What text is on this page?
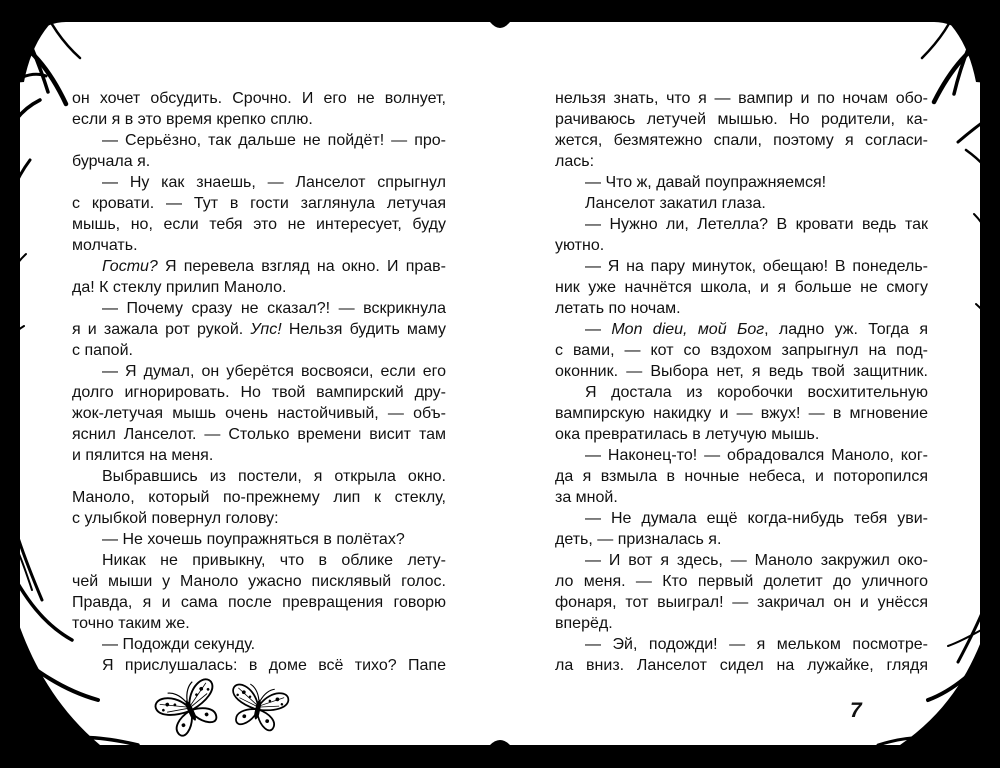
он хочет обсудить. Срочно. И его не волнует,
если я в это время крепко сплю.
— Серьёзно, так дальше не пойдёт! — про-
бурчала я.
— Ну как знаешь, — Ланселот спрыгнул
с кровати. — Тут в гости заглянула летучая
мышь, но, если тебя это не интересует, буду
молчать.
Гости? Я перевела взгляд на окно. И прав-
да! К стеклу прилип Маноло.
— Почему сразу не сказал?! — вскрикнула
я и зажала рот рукой. Упс! Нельзя будить маму
с папой.
— Я думал, он уберётся восвояси, если его
долго игнорировать. Но твой вампирский дру-
жок-летучая мышь очень настойчивый, — объ-
яснил Ланселот. — Столько времени висит там
и пялится на меня.
Выбравшись из постели, я открыла окно.
Маноло, который по-прежнему лип к стеклу,
с улыбкой повернул голову:
— Не хочешь поупражняться в полётах?
Никак не привыкну, что в облике лету-
чей мыши у Маноло ужасно писклявый голос.
Правда, я и сама после превращения говорю
точно таким же.
— Подожди секунду.
Я прислушалась: в доме всё тихо? Папе
нельзя знать, что я — вампир и по ночам обо-
рачиваюсь летучей мышью. Но родители, ка-
жется, безмятежно спали, поэтому я согласи-
лась:
— Что ж, давай поупражняемся!
Ланселот закатил глаза.
— Нужно ли, Летелла? В кровати ведь так
уютно.
— Я на пару минуток, обещаю! В понедель-
ник уже начнётся школа, и я больше не смогу
летать по ночам.
— Mon dieu, мой Бог, ладно уж. Тогда я
с вами, — кот со вздохом запрыгнул на под-
оконник. — Выбора нет, я ведь твой защитник.
Я достала из коробочки восхитительную
вампирскую накидку и — вжух! — в мгновение
ока превратилась в летучую мышь.
— Наконец-то! — обрадовался Маноло, ког-
да я взмыла в ночные небеса, и поторопился
за мной.
— Не думала ещё когда-нибудь тебя уви-
деть, — призналась я.
— И вот я здесь, — Маноло закружил око-
ло меня. — Кто первый долетит до уличного
фонаря, тот выиграл! — закричал он и унёсся
вперёд.
— Эй, подожди! — я мельком посмотре-
ла вниз. Ланселот сидел на лужайке, глядя
7
